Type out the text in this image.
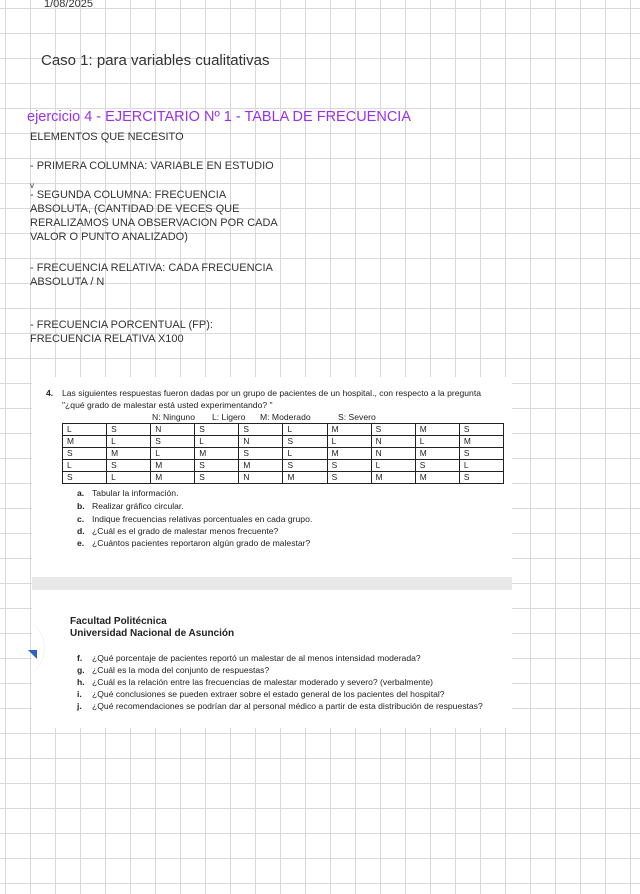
1/08/2025
Caso 1: para variables cualitativas
ejercicio 4 - EJERCITARIO Nº 1 - TABLA DE FRECUENCIA
ELEMENTOS QUE NECESITO
- PRIMERA COLUMNA: VARIABLE EN ESTUDIO
v
- SEGUNDA COLUMNA: FRECUENCIA
ABSOLUTA, (CANTIDAD DE VECES QUE
RERALIZAMOS UNA OBSERVACION POR CADA
VALOR O PUNTO ANALIZADO)
- FRECUENCIA RELATIVA: CADA FRECUENCIA
ABSOLUTA / N
- FRECUENCIA PORCENTUAL (FP):
FRECUENCIA RELATIVA X100
4. Las siguientes respuestas fueron dadas por un grupo de pacientes de un hospital., con respecto a la pregunta "¿qué grado de malestar está usted experimentando? "
N: Ninguno L: Ligero M: Moderado	S: Severo
L	S	N	S	S	L	M	S	M	S
M	L	S	L	N	S	L	N	L	M
S	M	L	M	S	L	M	N	M	S
L	S	M	S	M	S	S	L	S	L
S	L	M	S	N	M	S	M	M	S
a. Tabular la información.
b. Realizar gráfico circular.
c. Indique frecuencias relativas porcentuales en cada grupo.
d. ¿Cuál es el grado de malestar menos frecuente?
e. ¿Cuántos pacientes reportaron algún grado de malestar?
Facultad Politécnica
Universidad Nacional de Asunción
f. ¿Qué porcentaje de pacientes reportó un malestar de al menos intensidad moderada?
g. ¿Cuál es la moda del conjunto de respuestas?
h. ¿Cuál es la relación entre las frecuencias de malestar moderado y severo? (verbalmente)
i. ¿Qué conclusiones se pueden extraer sobre el estado general de los pacientes del hospital?
j. ¿Qué recomendaciones se podrían dar al personal médico a partir de esta distribución de respuestas?
